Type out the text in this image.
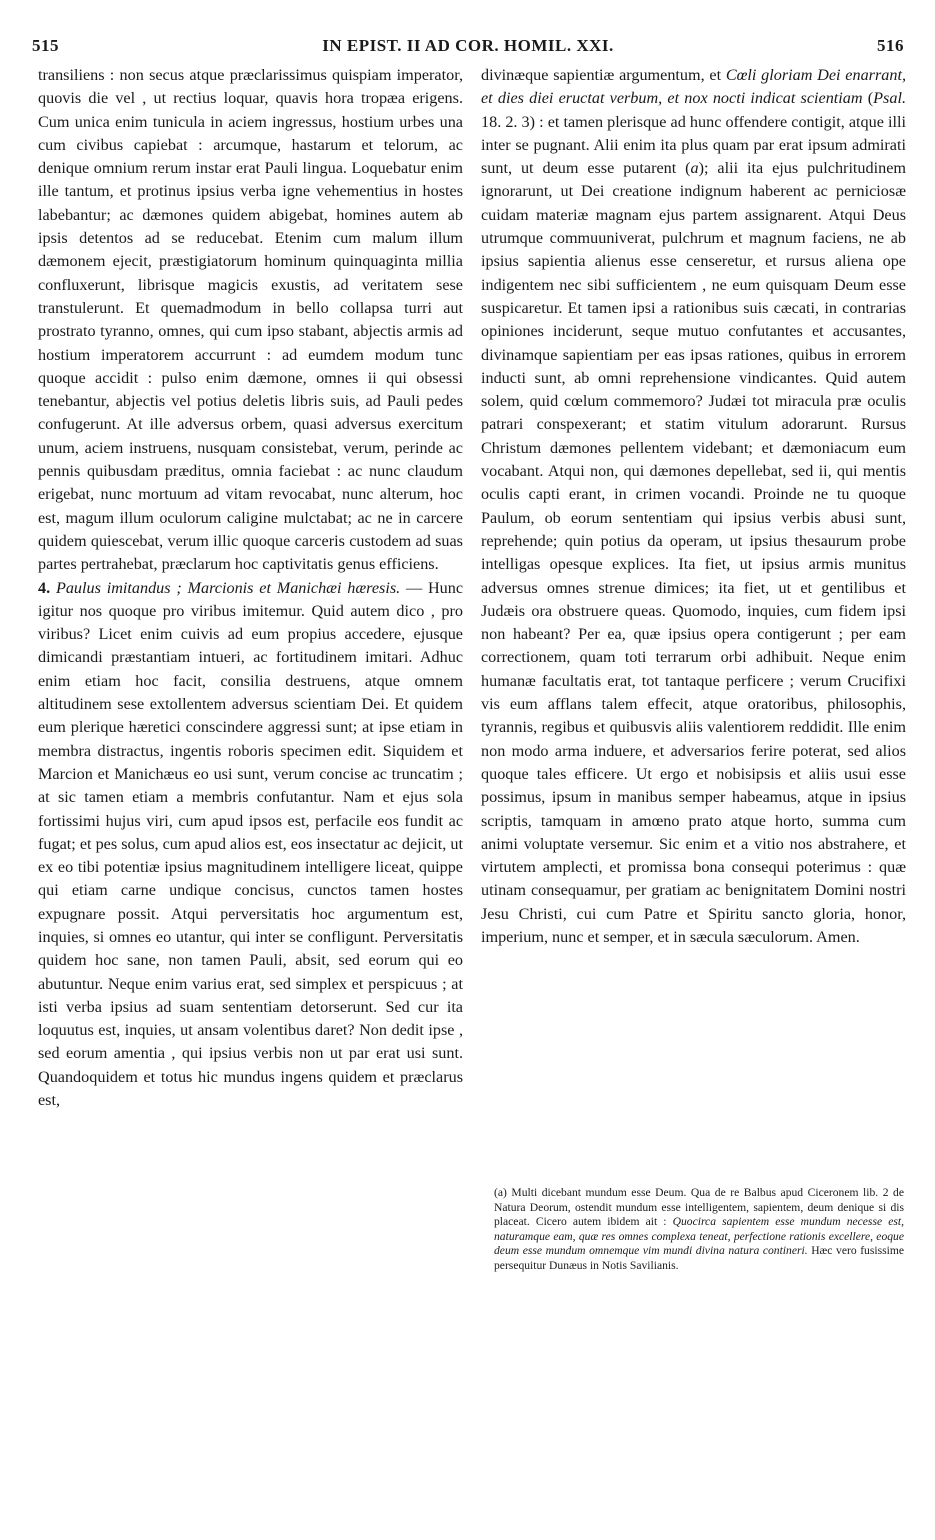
515	IN EPIST. II AD COR. HOMIL. XXI.	516

transiliens : non secus atque præclarissimus quispiam imperator, quovis die vel , ut rectius loquar, quavis hora tropæa erigens. Cum unica enim tunicula in aciem ingressus, hostium urbes una cum civibus capiebat : arcumque, hastarum et telorum, ac denique omnium rerum instar erat Pauli lingua. Loquebatur enim ille tantum, et protinus ipsius verba igne vehementius in hostes labebantur; ac dæmones quidem abigebat, homines autem ab ipsis detentos ad se reducebat. Etenim cum malum illum dæmonem ejecit, præstigiatorum hominum quinquaginta millia confluxerunt, librisque magicis exustis, ad veritatem sese transtulerunt. Et quemadmodum in bello collapsa turri aut prostrato tyranno, omnes, qui cum ipso stabant, abjectis armis ad hostium imperatorem accurrunt : ad eumdem modum tunc quoque accidit : pulso enim dæmone, omnes ii qui obsessi tenebantur, abjectis vel potius deletis libris suis, ad Pauli pedes confugerunt. At ille adversus orbem, quasi adversus exercitum unum, aciem instruens, nusquam consistebat, verum, perinde ac pennis quibusdam præditus, omnia faciebat : ac nunc claudum erigebat, nunc mortuum ad vitam revocabat, nunc alterum, hoc est, magum illum oculorum caligine mulctabat; ac ne in carcere quidem quiescebat, verum illic quoque carceris custodem ad suas partes pertrahebat, præclarum hoc captivitatis genus efficiens.

4. Paulus imitandus ; Marcionis et Manichæi hæresis. — Hunc igitur nos quoque pro viribus imitemur. Quid autem dico , pro viribus? Licet enim cuivis ad eum propius accedere, ejusque dimicandi præstantiam intueri, ac fortitudinem imitari. Adhuc enim etiam hoc facit, consilia destruens, atque omnem altitudinem sese extollentem adversus scientiam Dei. Et quidem eum plerique hæretici conscindere aggressi sunt; at ipse etiam in membra distractus, ingentis roboris specimen edit. Siquidem et Marcion et Manichæus eo usi sunt, verum concise ac truncatim ; at sic tamen etiam a membris confutantur. Nam et ejus sola fortissimi hujus viri, cum apud ipsos est, perfacile eos fundit ac fugat; et pes solus, cum apud alios est, eos insectatur ac dejicit, ut ex eo tibi potentiæ ipsius magnitudinem intelligere liceat, quippe qui etiam carne undique concisus, cunctos tamen hostes expugnare possit. Atqui perversitatis hoc argumentum est, inquies, si omnes eo utantur, qui inter se confligunt. Perversitatis quidem hoc sane, non tamen Pauli, absit, sed eorum qui eo abutuntur. Neque enim varius erat, sed simplex et perspicuus ; at isti verba ipsius ad suam sententiam detorserunt. Sed cur ita loquutus est, inquies, ut ansam volentibus daret? Non dedit ipse , sed eorum amentia , qui ipsius verbis non ut par erat usi sunt. Quandoquidem et totus hic mundus ingens quidem et præclarus est,

divinæque sapientiæ argumentum, et Cœli gloriam Dei enarrant, et dies diei eructat verbum, et nox nocti indicat scientiam (Psal. 18. 2. 3) : et tamen plerisque ad hunc offendere contigit, atque illi inter se pugnant. Alii enim ita plus quam par erat ipsum admirati sunt, ut deum esse putarent (a); alii ita ejus pulchritudinem ignorarunt, ut Dei creatione indignum haberent ac perniciosæ cuidam materiæ magnam ejus partem assignarent. Atqui Deus utrumque commuuniverat, pulchrum et magnum faciens, ne ab ipsius sapientia alienus esse censeretur, et rursus aliena ope indigentem nec sibi sufficientem , ne eum quisquam Deum esse suspicaretur. Et tamen ipsi a rationibus suis cæcati, in contrarias opiniones inciderunt, seque mutuo confutantes et accusantes, divinamque sapientiam per eas ipsas rationes, quibus in errorem inducti sunt, ab omni reprehensione vindicantes. Quid autem solem, quid cœlum commemoro? Judæi tot miracula præ oculis patrari conspexerant; et statim vitulum adorarunt. Rursus Christum dæmones pellentem videbant; et dæmoniacum eum vocabant. Atqui non, qui dæmones depellebat, sed ii, qui mentis oculis capti erant, in crimen vocandi. Proinde ne tu quoque Paulum, ob eorum sententiam qui ipsius verbis abusi sunt, reprehende; quin potius da operam, ut ipsius thesaurum probe intelligas opesque explices. Ita fiet, ut ipsius armis munitus adversus omnes strenue dimices; ita fiet, ut et gentilibus et Judæis ora obstruere queas. Quomodo, inquies, cum fidem ipsi non habeant? Per ea, quæ ipsius opera contigerunt ; per eam correctionem, quam toti terrarum orbi adhibuit. Neque enim humanæ facultatis erat, tot tantaque perficere ; verum Crucifixi vis eum afflans talem effecit, atque oratoribus, philosophis, tyrannis, regibus et quibusvis aliis valentiorem reddidit. Ille enim non modo arma induere, et adversarios ferire poterat, sed alios quoque tales efficere. Ut ergo et nobisipsis et aliis usui esse possimus, ipsum in manibus semper habeamus, atque in ipsius scriptis, tamquam in amœno prato atque horto, summa cum animi voluptate versemur. Sic enim et a vitio nos abstrahere, et virtutem amplecti, et promissa bona consequi poterimus : quæ utinam consequamur, per gratiam ac benignitatem Domini nostri Jesu Christi, cui cum Patre et Spiritu sancto gloria, honor, imperium, nunc et semper, et in sæcula sæculorum. Amen.

(a) Multi dicebant mundum esse Deum. Qua de re Balbus apud Ciceronem lib. 2 de Natura Deorum, ostendit mundum esse intelligentem, sapientem, deum denique si dis placeat. Cicero autem ibidem ait : Quocirca sapientem esse mundum necesse est, naturamque eam, quæ res omnes complexa teneat, perfectione rationis excellere, eoque deum esse mundum omnemque vim mundi divina natura contineri. Hæc vero fusissime persequitur Dunæus in Notis Savilianis.
